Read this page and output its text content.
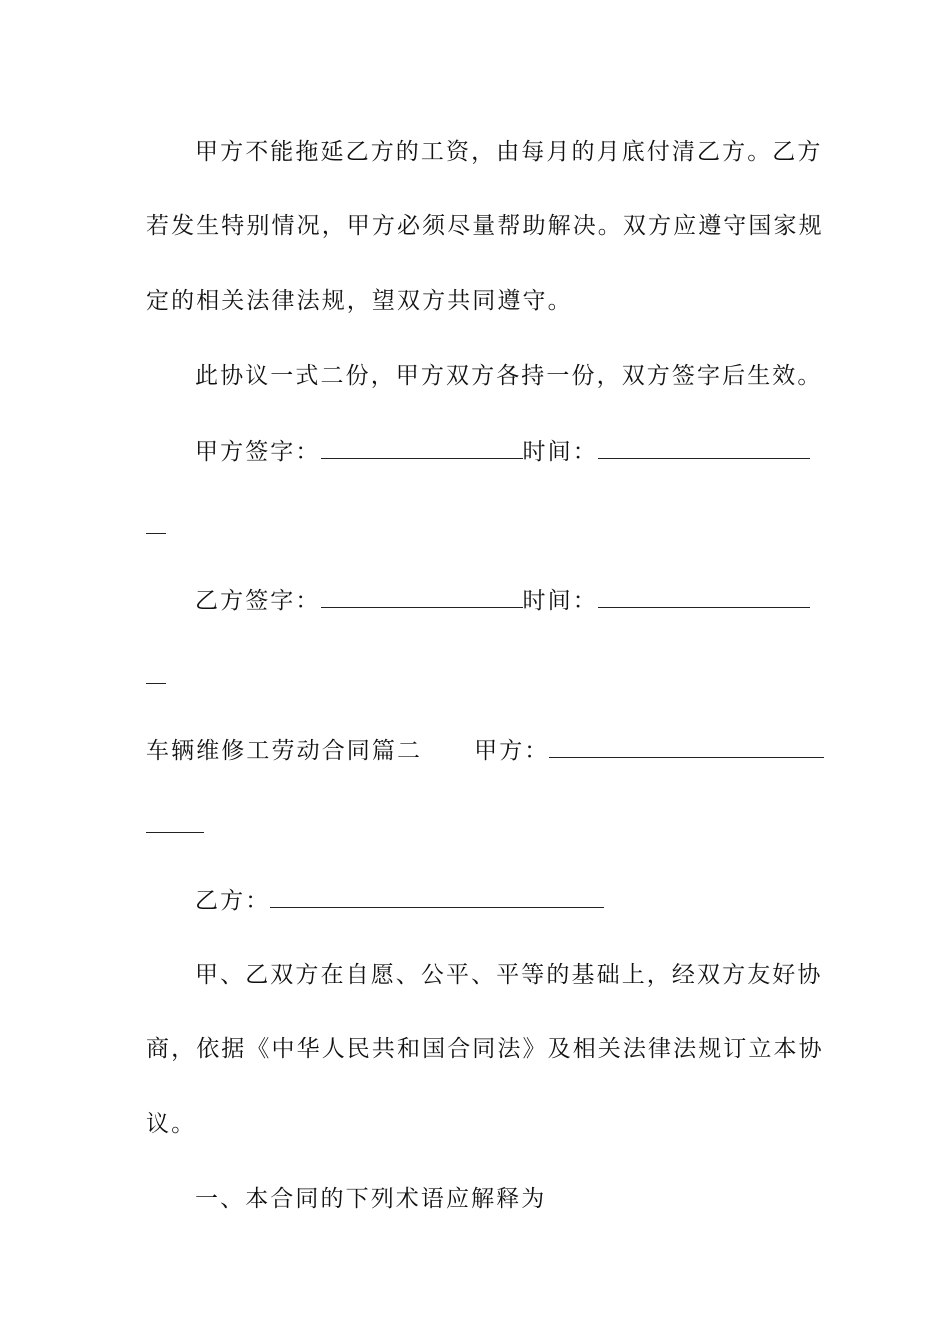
甲方不能拖延乙方的工资，由每月的月底付清乙方。乙方
若发生特别情况，甲方必须尽量帮助解决。双方应遵守国家规
定的相关法律法规，望双方共同遵守。
此协议一式二份，甲方双方各持一份，双方签字后生效。
甲方签字：	时间：
乙方签字：	时间：
车辆维修工劳动合同篇二 甲方：
乙方：
甲、乙双方在自愿、公平、平等的基础上，经双方友好协
商，依据《中华人民共和国合同法》及相关法律法规订立本协
议。
一、本合同的下列术语应解释为
